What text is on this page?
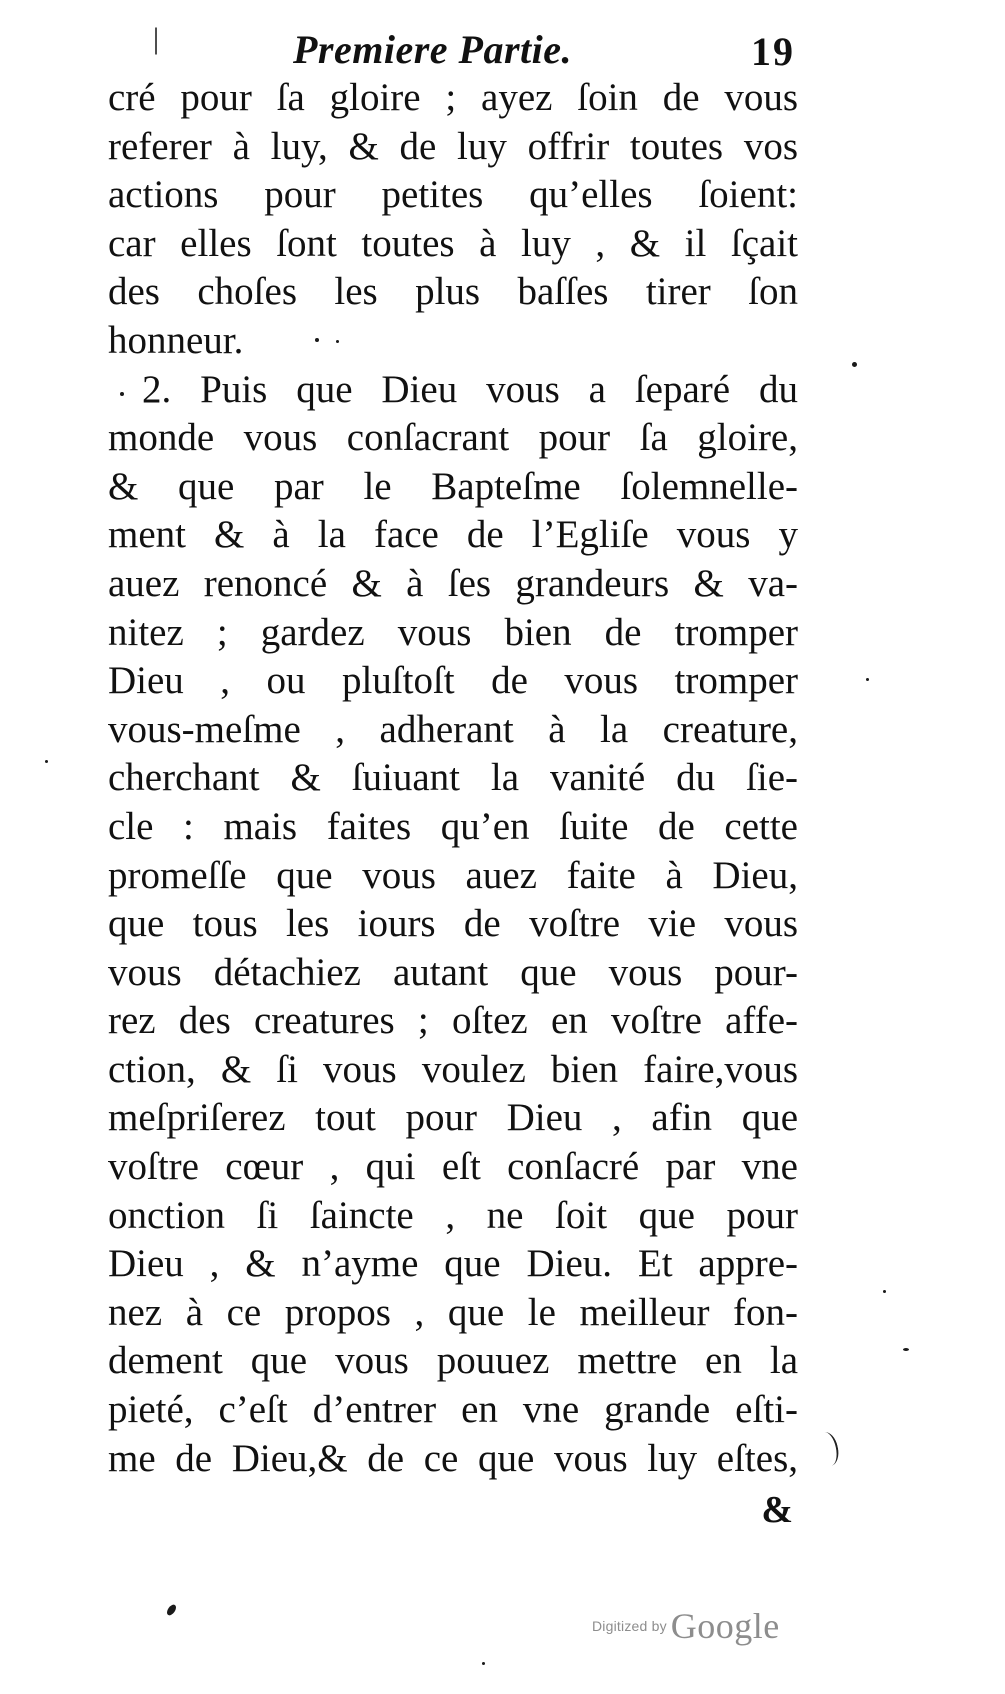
|	Premiere Partie.	19
cré pour ſa gloire ; ayez ſoin de vous
referer à luy, & de luy offrir toutes vos
actions pour petites qu’elles ſoient:
car elles ſont toutes à luy , & il ſçait
des choſes les plus baſſes tirer ſon
honneur.
2. Puis que Dieu vous a ſeparé du
monde vous conſacrant pour ſa gloire,
& que par le Bapteſme ſolemnelle-
ment & à la face de l’Egliſe vous y
auez renoncé & à ſes grandeurs & va-
nitez ; gardez vous bien de tromper
Dieu , ou pluſtoſt de vous tromper
vous-meſme , adherant à la creature,
cherchant & ſuiuant la vanité du ſie-
cle : mais faites qu’en ſuite de cette
promeſſe que vous auez faite à Dieu,
que tous les iours de voſtre vie vous
vous détachiez autant que vous pour-
rez des creatures ; oſtez en voſtre affe-
ction, & ſi vous voulez bien faire,vous
meſpriſerez tout pour Dieu , afin que
voſtre cœur , qui eſt conſacré par vne
onction ſi ſaincte , ne ſoit que pour
Dieu , & n’ayme que Dieu. Et appre-
nez à ce propos , que le meilleur fon-
dement que vous pouuez mettre en la
pieté, c’eſt d’entrer en vne grande eſti-
me de Dieu,& de ce que vous luy eſtes,
&
Digitized by Google
